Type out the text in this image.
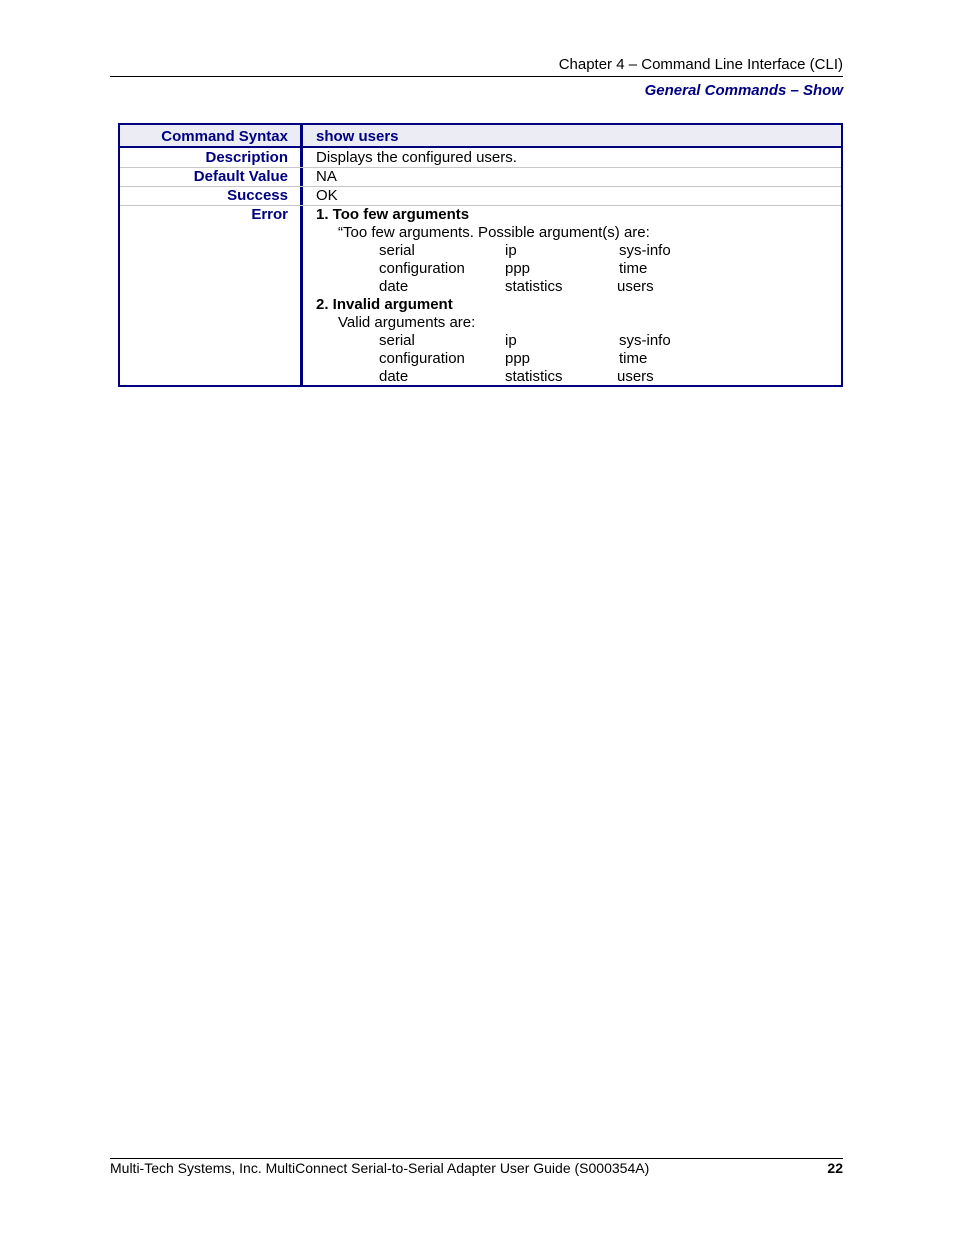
Chapter 4 – Command Line Interface (CLI)
General Commands – Show
Command Syntax show users
Description Displays the configured users.
Default Value NA
Success OK
Error 1. Too few arguments
“Too few arguments. Possible argument(s) are:
serial	ip	sys-info
configuration	ppp	time
date	statistics	users
2. Invalid argument
Valid arguments are:
serial	ip	sys-info
configuration	ppp	time
date	statistics	users
Multi-Tech Systems, Inc. MultiConnect Serial-to-Serial Adapter User Guide (S000354A)	22
